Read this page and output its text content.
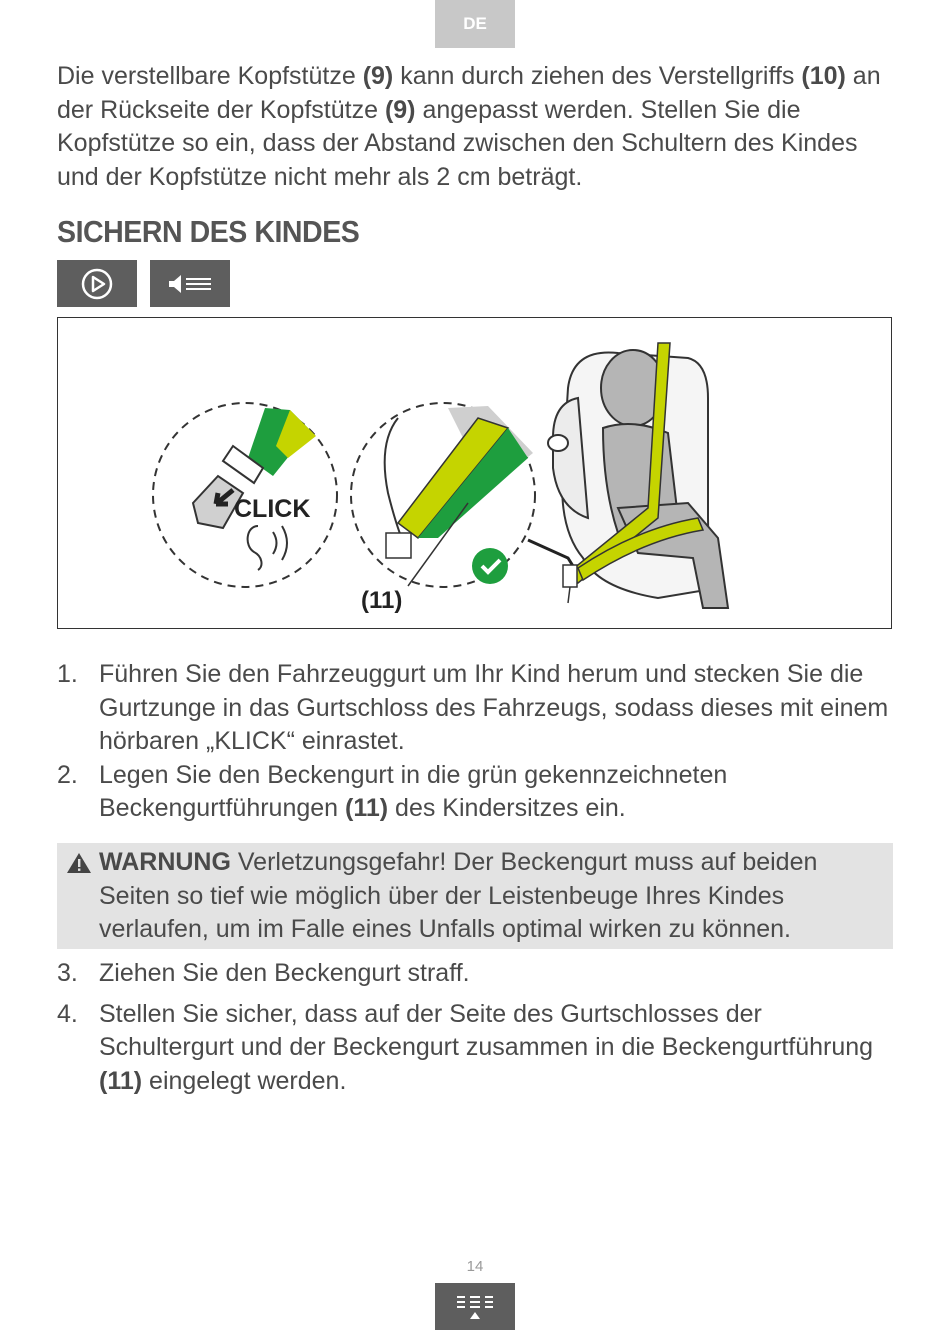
DE

Die verstellbare Kopfstütze (9) kann durch ziehen des Verstellgriffs (10) an der Rückseite der Kopfstütze (9) angepasst werden. Stellen Sie die Kopfstütze so ein, dass der Abstand zwischen den Schultern des Kindes und der Kopfstütze nicht mehr als 2 cm beträgt.

SICHERN DES KINDES
CLICK
(11)
1. Führen Sie den Fahrzeuggurt um Ihr Kind herum und stecken Sie die Gurtzunge in das Gurtschloss des Fahrzeugs, sodass dieses mit einem hörbaren „KLICK“ einrastet.
2. Legen Sie den Beckengurt in die grün gekennzeichneten Beckengurtführungen (11) des Kindersitzes ein.
WARNUNG Verletzungsgefahr! Der Beckengurt muss auf beiden Seiten so tief wie möglich über der Leistenbeuge Ihres Kindes verlaufen, um im Falle eines Unfalls optimal wirken zu können.
3. Ziehen Sie den Beckengurt straff.
4. Stellen Sie sicher, dass auf der Seite des Gurtschlosses der Schultergurt und der Beckengurt zusammen in die Beckengurtführung (11) eingelegt werden.
14
